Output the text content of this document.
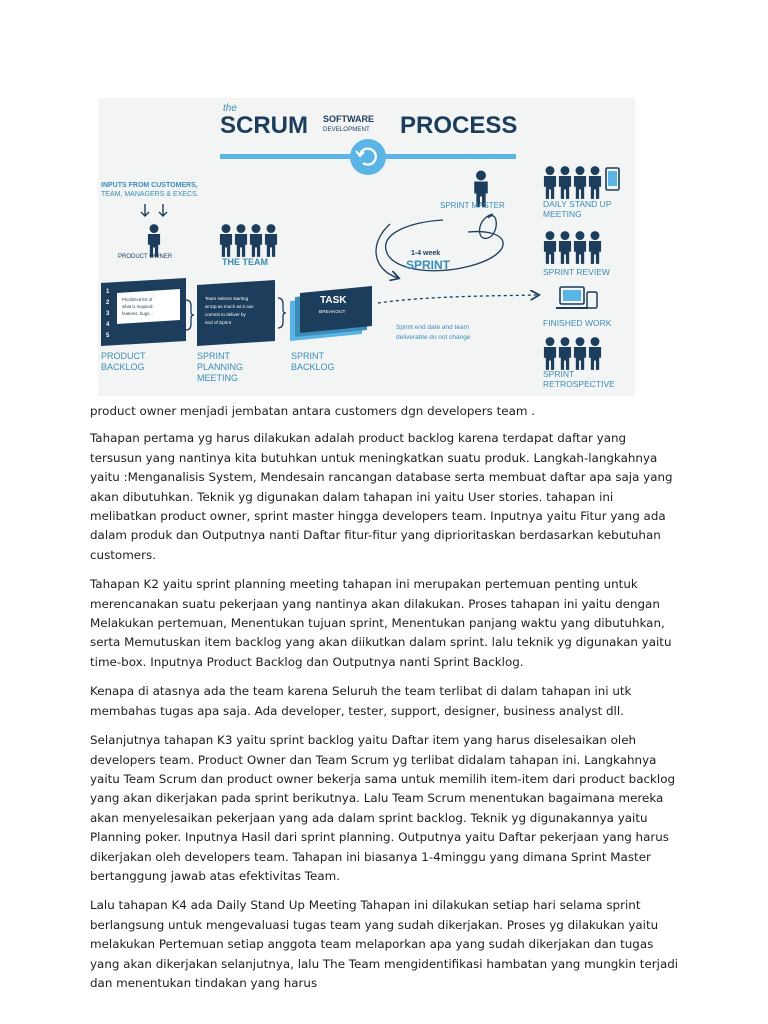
the
SCRUM SOFTWARE
DEVELOPMENT PROCESS
INPUTS FROM CUSTOMERS,
TEAM, MANAGERS & EXECS.
PRODUCT OWNER	THE TEAM
1
2
3
4
5
Prioritized list of
what is required:
features, bugs...
Team selects starting
at top as much as it can
commit to deliver by
end of Sprint
TASK
BREAKOUT
PRODUCT
BACKLOG
SPRINT
PLANNING
MEETING
SPRINT
BACKLOG
SPRINT MASTER
1-4 week
SPRINT
Sprint end date and team
deliverable do not change
DAILY STAND UP
MEETING
SPRINT REVIEW
FINISHED WORK
SPRINT
RETROSPECTIVE

product owner menjadi jembatan antara customers dgn developers team .

Tahapan pertama yg harus dilakukan adalah product backlog karena terdapat daftar yang tersusun yang nantinya kita butuhkan untuk meningkatkan suatu produk. Langkah-langkahnya yaitu :Menganalisis System, Mendesain rancangan database serta membuat daftar apa saja yang akan dibutuhkan. Teknik yg digunakan dalam tahapan ini yaitu User stories. tahapan ini melibatkan product owner, sprint master hingga developers team. Inputnya yaitu Fitur yang ada dalam produk dan Outputnya nanti Daftar fitur-fitur yang diprioritaskan berdasarkan kebutuhan customers.

Tahapan K2 yaitu sprint planning meeting tahapan ini merupakan pertemuan penting untuk merencanakan suatu pekerjaan yang nantinya akan dilakukan. Proses tahapan ini yaitu dengan Melakukan pertemuan, Menentukan tujuan sprint, Menentukan panjang waktu yang dibutuhkan, serta Memutuskan item backlog yang akan diikutkan dalam sprint. lalu teknik yg digunakan yaitu time-box. Inputnya Product Backlog dan Outputnya nanti Sprint Backlog.

Kenapa di atasnya ada the team karena Seluruh the team terlibat di dalam tahapan ini utk membahas tugas apa saja. Ada developer, tester, support, designer, business analyst dll.

Selanjutnya tahapan K3 yaitu sprint backlog yaitu Daftar item yang harus diselesaikan oleh developers team. Product Owner dan Team Scrum yg terlibat didalam tahapan ini. Langkahnya yaitu Team Scrum dan product owner bekerja sama untuk memilih item-item dari product backlog yang akan dikerjakan pada sprint berikutnya. Lalu Team Scrum menentukan bagaimana mereka akan menyelesaikan pekerjaan yang ada dalam sprint backlog. Teknik yg digunakannya yaitu Planning poker. Inputnya Hasil dari sprint planning. Outputnya yaitu Daftar pekerjaan yang harus dikerjakan oleh developers team. Tahapan ini biasanya 1-4minggu yang dimana Sprint Master bertanggung jawab atas efektivitas Team.

Lalu tahapan K4 ada Daily Stand Up Meeting Tahapan ini dilakukan setiap hari selama sprint berlangsung untuk mengevaluasi tugas team yang sudah dikerjakan. Proses yg dilakukan yaitu melakukan Pertemuan setiap anggota team melaporkan apa yang sudah dikerjakan dan tugas yang akan dikerjakan selanjutnya, lalu The Team mengidentifikasi hambatan yang mungkin terjadi dan menentukan tindakan yang harus
